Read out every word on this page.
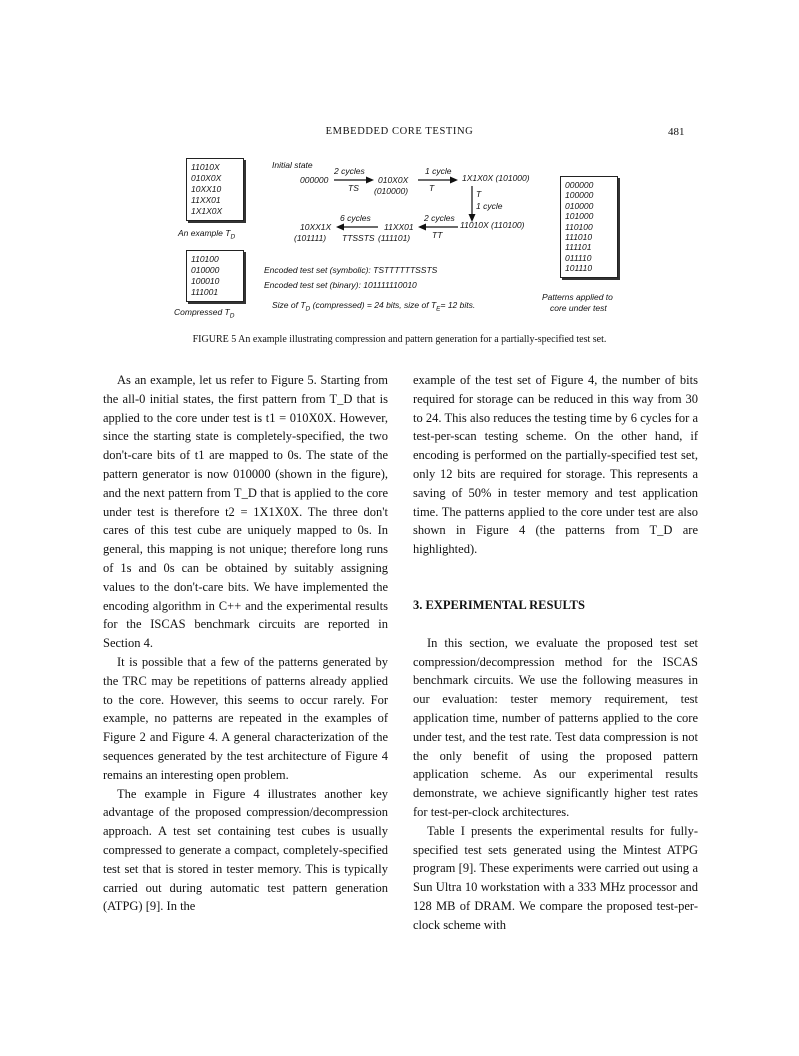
EMBEDDED CORE TESTING	481
11010X
010X0X
10XX10
11XX01
1X1X0X
An example $T_D$
110100
010000
100010
111001
Compressed $T_D$
000000
100000
010000
101000
110100
111010
111101
011110
101110
Patterns applied to
core under test
Initial state
000000
2 cycles
TS
010X0X
(010000)
1 cycle
T
1X1X0X (101000)
T
1 cycle
11010X (110100)
2 cycles
TT
11XX01
(111101)
6 cycles
TTSSTS
10XX1X
(101111)
Encoded test set (symbolic): TSTTTTTTSSTS
Encoded test set (binary): 101111110010
Size of $T_D$ (compressed) = 24 bits, size of $T_E= 12$ bits.
FIGURE 5 An example illustrating compression and pattern generation for a partially-specified test set.

As an example, let us refer to Figure 5. Starting from the all-0 initial states, the first pattern from T_D that is applied to the core under test is t1 = 010X0X. However, since the starting state is completely-specified, the two don't-care bits of t1 are mapped to 0s. The state of the pattern generator is now 010000 (shown in the figure), and the next pattern from T_D that is applied to the core under test is therefore t2 = 1X1X0X. The three don't cares of this test cube are uniquely mapped to 0s. In general, this mapping is not unique; therefore long runs of 1s and 0s can be obtained by suitably assigning values to the don't-care bits. We have implemented the encoding algorithm in C++ and the experimental results for the ISCAS benchmark circuits are reported in Section 4.

It is possible that a few of the patterns generated by the TRC may be repetitions of patterns already applied to the core. However, this seems to occur rarely. For example, no patterns are repeated in the examples of Figure 2 and Figure 4. A general characterization of the sequences generated by the test architecture of Figure 4 remains an interesting open problem.

The example in Figure 4 illustrates another key advantage of the proposed compression/decompression approach. A test set containing test cubes is usually compressed to generate a compact, completely-specified test set that is stored in tester memory. This is typically carried out during automatic test pattern generation (ATPG) [9]. In the

example of the test set of Figure 4, the number of bits required for storage can be reduced in this way from 30 to 24. This also reduces the testing time by 6 cycles for a test-per-scan testing scheme. On the other hand, if encoding is performed on the partially-specified test set, only 12 bits are required for storage. This represents a saving of 50% in tester memory and test application time. The patterns applied to the core under test are also shown in Figure 4 (the patterns from T_D are highlighted).

3. EXPERIMENTAL RESULTS

In this section, we evaluate the proposed test set compression/decompression method for the ISCAS benchmark circuits. We use the following measures in our evaluation: tester memory requirement, test application time, number of patterns applied to the core under test, and the test rate. Test data compression is not the only benefit of using the proposed pattern application scheme. As our experimental results demonstrate, we achieve significantly higher test rates for test-per-clock architectures.

Table I presents the experimental results for fully-specified test sets generated using the Mintest ATPG program [9]. These experiments were carried out using a Sun Ultra 10 workstation with a 333 MHz processor and 128 MB of DRAM. We compare the proposed test-per-clock scheme with
